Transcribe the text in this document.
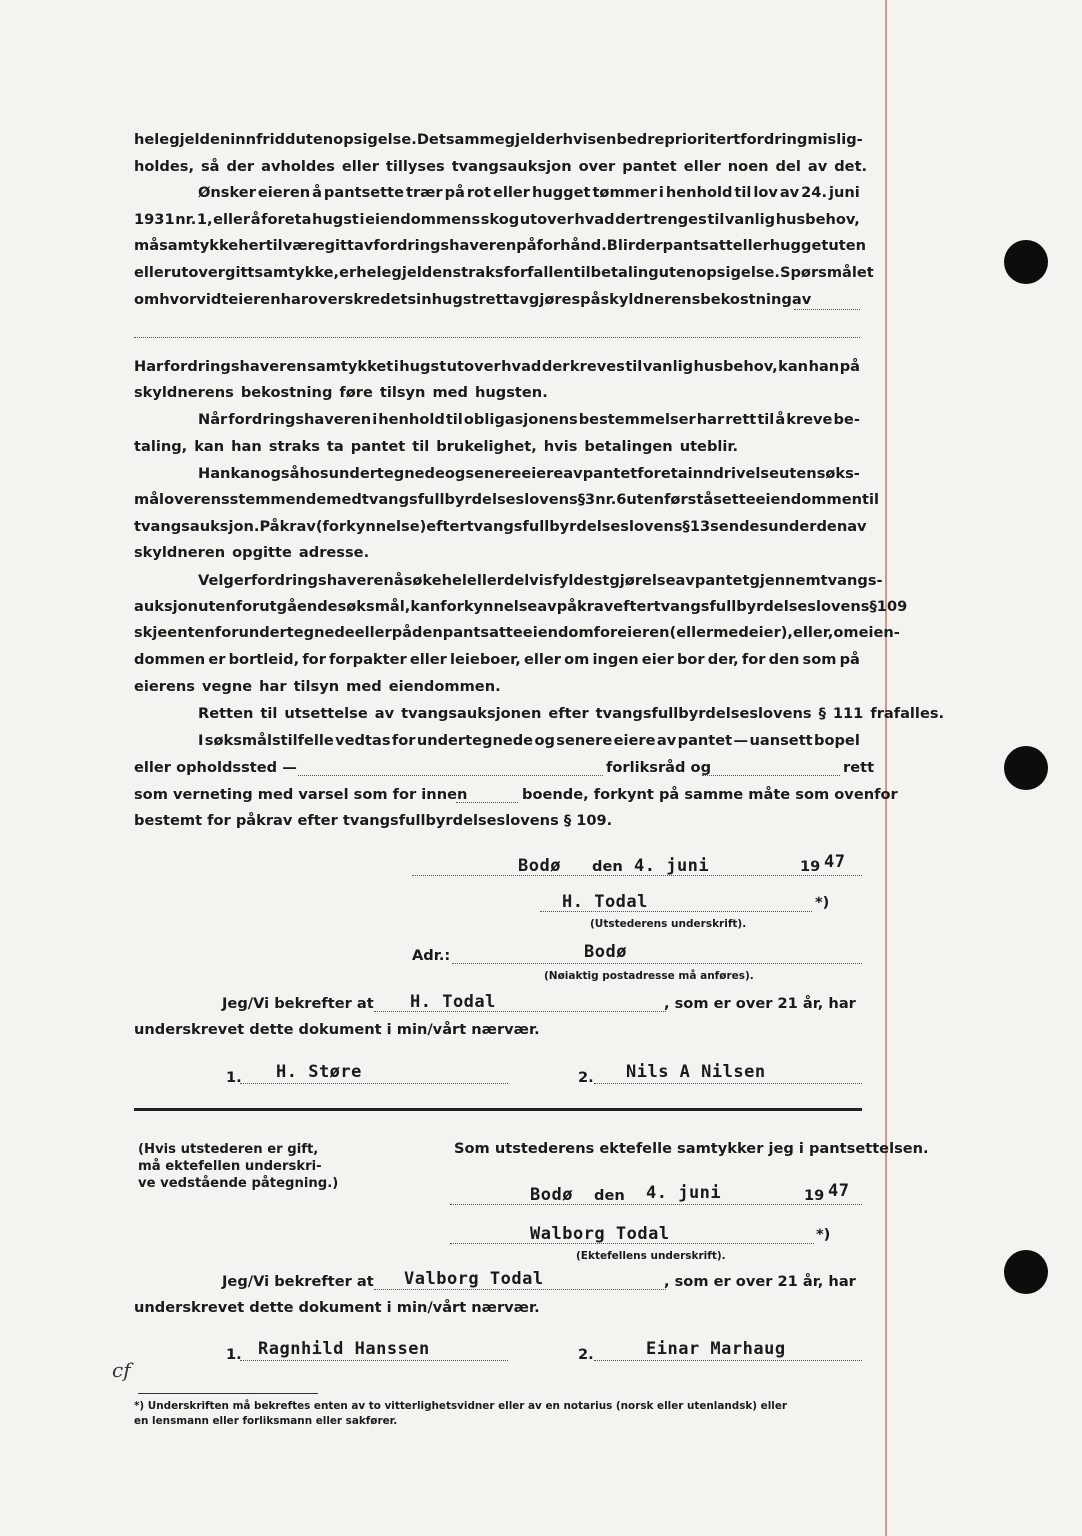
hele gjelden innfridd uten opsigelse. Det samme gjelder hvis en bedre prioritert fordring mislig-
holdes, så der avholdes eller tillyses tvangsauksjon over pantet eller noen del av det.
Ønsker eieren å pantsette trær på rot eller hugget tømmer i henhold til lov av 24. juni
1931 nr. 1, eller å foreta hugst i eiendommens skog utover hvad der trenges til vanlig husbehov,
må samtykke hertil være gitt av fordringshaveren på forhånd. Blir der pantsatt eller hugget uten
eller utover gitt samtykke, er hele gjelden straks forfallen til betaling uten opsigelse. Spørsmålet
om hvorvidt eieren har overskredet sin hugstrett avgjøres på skyldnerens bekostning av
Har fordringshaveren samtykket i hugst utover hvad der kreves til vanlig husbehov, kan han på
skyldnerens bekostning føre tilsyn med hugsten.
Når fordringshaveren i henhold til obligasjonens bestemmelser har rett til å kreve be-
taling, kan han straks ta pantet til brukelighet, hvis betalingen uteblir.
Han kan også hos undertegnede og senere eiere av pantet foreta inndrivelse uten søks-
mål overensstemmende med tvangsfullbyrdelseslovens § 3 nr. 6 uten først å sette eiendommen til
tvangsauksjon. Påkrav (forkynnelse) efter tvangsfullbyrdelseslovens § 13 sendes under den av
skyldneren opgitte adresse.
Velger fordringshaveren å søke hel eller delvis fyldestgjørelse av pantet gjennem tvangs-
auksjon uten forutgående søksmål, kan forkynnelse av påkrav efter tvangsfullbyrdelseslovens § 109
skje enten for undertegnede eller på den pantsatte eiendom for eieren (eller medeier), eller, om eien-
dommen er bortleid, for forpakter eller leieboer, eller om ingen eier bor der, for den som på
eierens vegne har tilsyn med eiendommen.
Retten til utsettelse av tvangsauksjonen efter tvangsfullbyrdelseslovens § 111 frafalles.
I søksmålstilfelle vedtas for undertegnede og senere eiere av pantet — uansett bopel
eller opholdssted —	forliksråd og	rett
som verneting med varsel som for innen	boende, forkynt på samme måte som ovenfor
bestemt for påkrav efter tvangsfullbyrdelseslovens § 109.
Bodø den 4. juni	19 47
H. Todal	*)
(Utstederens underskrift).
Adr.:	Bodø
(Nøiaktig postadresse må anføres).
Jeg/Vi bekrefter at H. Todal	, som er over 21 år, har
underskrevet dette dokument i min/vårt nærvær.
1. H. Støre	2. Nils A Nilsen
(Hvis utstederen er gift,
må ektefellen underskri-
ve vedstående påtegning.)
Som utstederens ektefelle samtykker jeg i pantsettelsen.
Bodø den 4. juni	19 47
Walborg Todal	*)
(Ektefellens underskrift).
Jeg/Vi bekrefter at Valborg Todal	, som er over 21 år, har
underskrevet dette dokument i min/vårt nærvær.
1. Ragnhild Hanssen	2.	Einar Marhaug
cf
*) Underskriften må bekreftes enten av to vitterlighetsvidner eller av en notarius (norsk eller utenlandsk) eller
en lensmann eller forliksmann eller sakfører.
